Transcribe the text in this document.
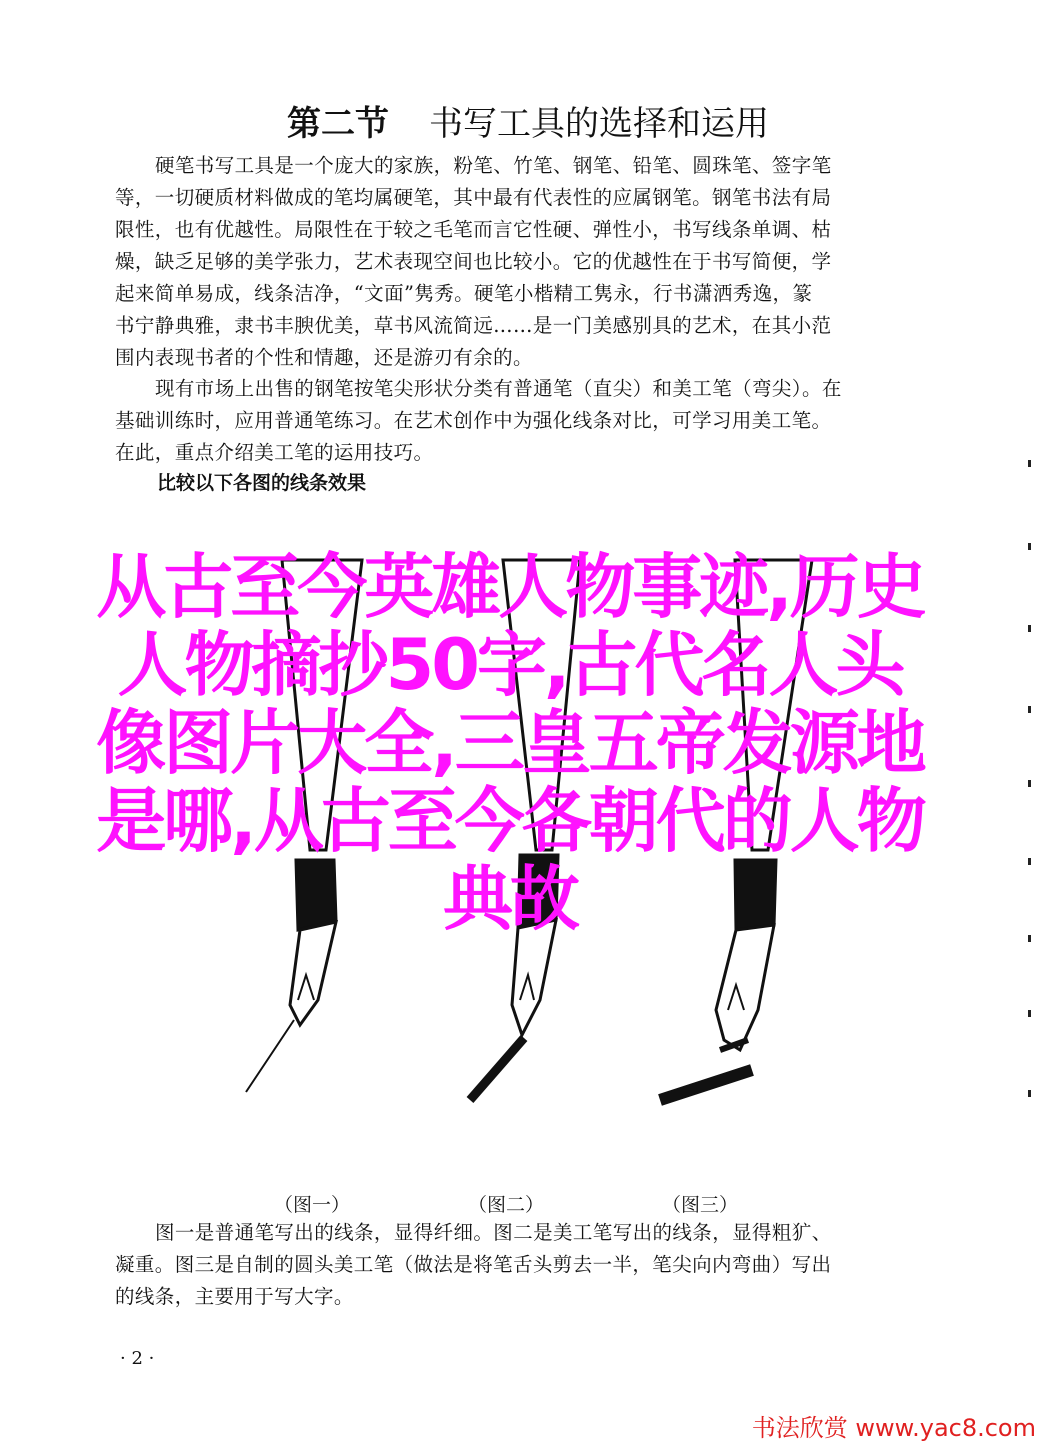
第二节 书写工具的选择和运用

硬笔书写工具是一个庞大的家族，粉笔、竹笔、钢笔、铅笔、圆珠笔、签字笔

等，一切硬质材料做成的笔均属硬笔，其中最有代表性的应属钢笔。钢笔书法有局

限性，也有优越性。局限性在于较之毛笔而言它性硬、弹性小，书写线条单调、枯

燥，缺乏足够的美学张力，艺术表现空间也比较小。它的优越性在于书写简便，学

起来简单易成，线条洁净，“文面”隽秀。硬笔小楷精工隽永，行书潇洒秀逸，篆

书宁静典雅，隶书丰腴优美，草书风流简远……是一门美感别具的艺术，在其小范

围内表现书者的个性和情趣，还是游刃有余的。

现有市场上出售的钢笔按笔尖形状分类有普通笔（直尖）和美工笔（弯尖）。在

基础训练时，应用普通笔练习。在艺术创作中为强化线条对比，可学习用美工笔。

在此，重点介绍美工笔的运用技巧。

比较以下各图的线条效果

从古至今英雄人物事迹,历史

人物摘抄50字,古代名人头

像图片大全,三皇五帝发源地

是哪,从古至今各朝代的人物

典故

（图一）	（图二）	（图三）

图一是普通笔写出的线条，显得纤细。图二是美工笔写出的线条，显得粗犷、

凝重。图三是自制的圆头美工笔（做法是将笔舌头剪去一半，笔尖向内弯曲）写出

的线条，主要用于写大字。

· 2 ·
书法欣赏 www.yac8.com
